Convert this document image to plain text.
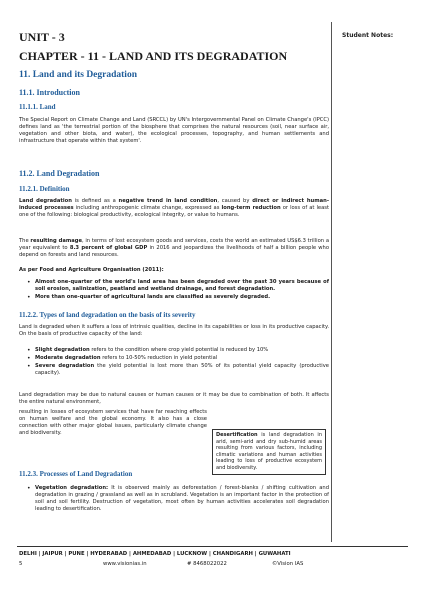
UNIT - 3
CHAPTER - 11 - LAND AND ITS DEGRADATION
11. Land and its Degradation
11.1. Introduction
11.1.1. Land

The Special Report on Climate Change and Land (SRCCL) by UN's Intergovernmental Panel on Climate Change's (IPCC) defines land as 'the terrestrial portion of the biosphere that comprises the natural resources (soil, near surface air, vegetation and other biota, and water), the ecological processes, topography, and human settlements and infrastructure that operate within that system'.

11.2. Land Degradation
11.2.1. Definition

Land degradation is defined as a negative trend in land condition, caused by direct or indirect human-induced processes including anthropogenic climate change, expressed as long-term reduction or loss of at least one of the following: biological productivity, ecological integrity, or value to humans.

The resulting damage, in terms of lost ecosystem goods and services, costs the world an estimated US$6.3 trillion a year equivalent to 8.3 percent of global GDP in 2016 and jeopardizes the livelihoods of half a billion people who depend on forests and land resources.

As per Food and Agriculture Organisation (2011):

• Almost one-quarter of the world's land area has been degraded over the past 30 years because of soil erosion, salinization, peatland and wetland drainage, and forest degradation.
• More than one-quarter of agricultural lands are classified as severely degraded.
11.2.2. Types of land degradation on the basis of its severity

Land is degraded when it suffers a loss of intrinsic qualities, decline in its capabilities or loss in its productive capacity. On the basis of productive capacity of the land:

• Slight degradation refers to the condition where crop yield potential is reduced by 10%
• Moderate degradation refers to 10-50% reduction in yield potential
• Severe degradation the yield potential is lost more than 50% of its potential yield capacity (productive capacity).

Land degradation may be due to natural causes or human causes or it may be due to combination of both. It affects the entire natural environment,

resulting in losses of ecosystem services that have far reaching effects on human welfare and the global economy. It also has a close connection with other major global issues, particularly climate change and biodiversity.	Desertification is land degradation in arid, semi-arid and dry sub-humid areas resulting from various factors, including climatic variations and human activities leading to loss of productive ecosystem and biodiversity.
11.2.3. Processes of Land Degradation
• Vegetation degradation: It is observed mainly as deforestation / forest-blanks / shifting cultivation and degradation in grazing / grassland as well as in scrubland. Vegetation is an important factor in the protection of soil and soil fertility. Destruction of vegetation, most often by human activities accelerates soil degradation leading to desertification.
Student Notes:
DELHI | JAIPUR | PUNE | HYDERABAD | AHMEDABAD | LUCKNOW | CHANDIGARH | GUWAHATI
5	www.visionias.in	# 8468022022	©Vision IAS
